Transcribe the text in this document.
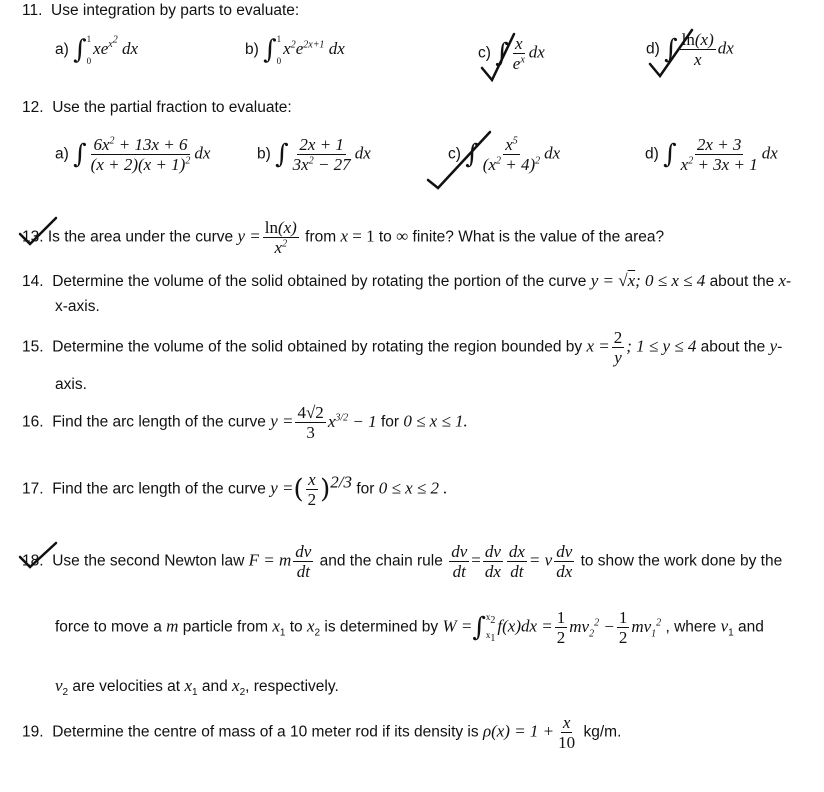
11. Use integration by parts to evaluate:
a) ∫ 1
0
$xe^{x^2}$ dx	b) ∫ 1
0
$x^2e^{2x+1}$ dx	c) ∫ $\frac{x}{e^x}$ dx	d) ∫ $\frac{\ln(x)}{x}$ dx
12. Use the partial fraction to evaluate:
a) ∫ $\frac{6x^2 + 13x + 6}{(x + 2)(x + 1)^2}$ dx	b) ∫ $\frac{2x + 1}{3x^2 - 27}$ dx	c) ∫ $\frac{x^5}{(x^2 + 4)^2}$ dx	d) ∫ $\frac{2x + 3}{x^2 + 3x + 1}$ dx
13. Is the area under the curve $y = \frac{\ln(x)}{x^2}$ from x = 1 to ∞ finite? What is the value of the area?
14. Determine the volume of the solid obtained by rotating the portion of the curve y = √x; 0 ≤ x ≤ 4 about the x-
x-axis.
15. Determine the volume of the solid obtained by rotating the region bounded by $x = \frac{2}{y}$ ; 1 ≤ y ≤ 4 about the y-
axis.
16. Find the arc length of the curve $y = \frac{4√2}{3} x^{3/2} - 1$ for 0 ≤ x ≤ 1.
17. Find the arc length of the curve y =( $\frac{x}{2} )^{2/3}$ for 0 ≤ x ≤ 2 .
18. Use the second Newton law F = m $\frac{dv}{dt}$ and the chain rule $\frac{dv}{dt} = \frac{dv}{dx} \frac{dx}{dt} = v \frac{dv}{dx}$ to show the work done by the
force to move a m particle from $x_1$ to $x_2$ is determined by W =∫ $x_2$
$x_1$
$f(x)dx = \frac{1}{2} mv_2^2 - \frac{1}{2} mv_1^2$ , where $v_1$ and
$v_2$ are velocities at $x_1$ and $x_2$, respectively.
19. Determine the centre of mass of a 10 meter rod if its density is $\rho(x) = 1 + \frac{x}{10} kg/m$.
